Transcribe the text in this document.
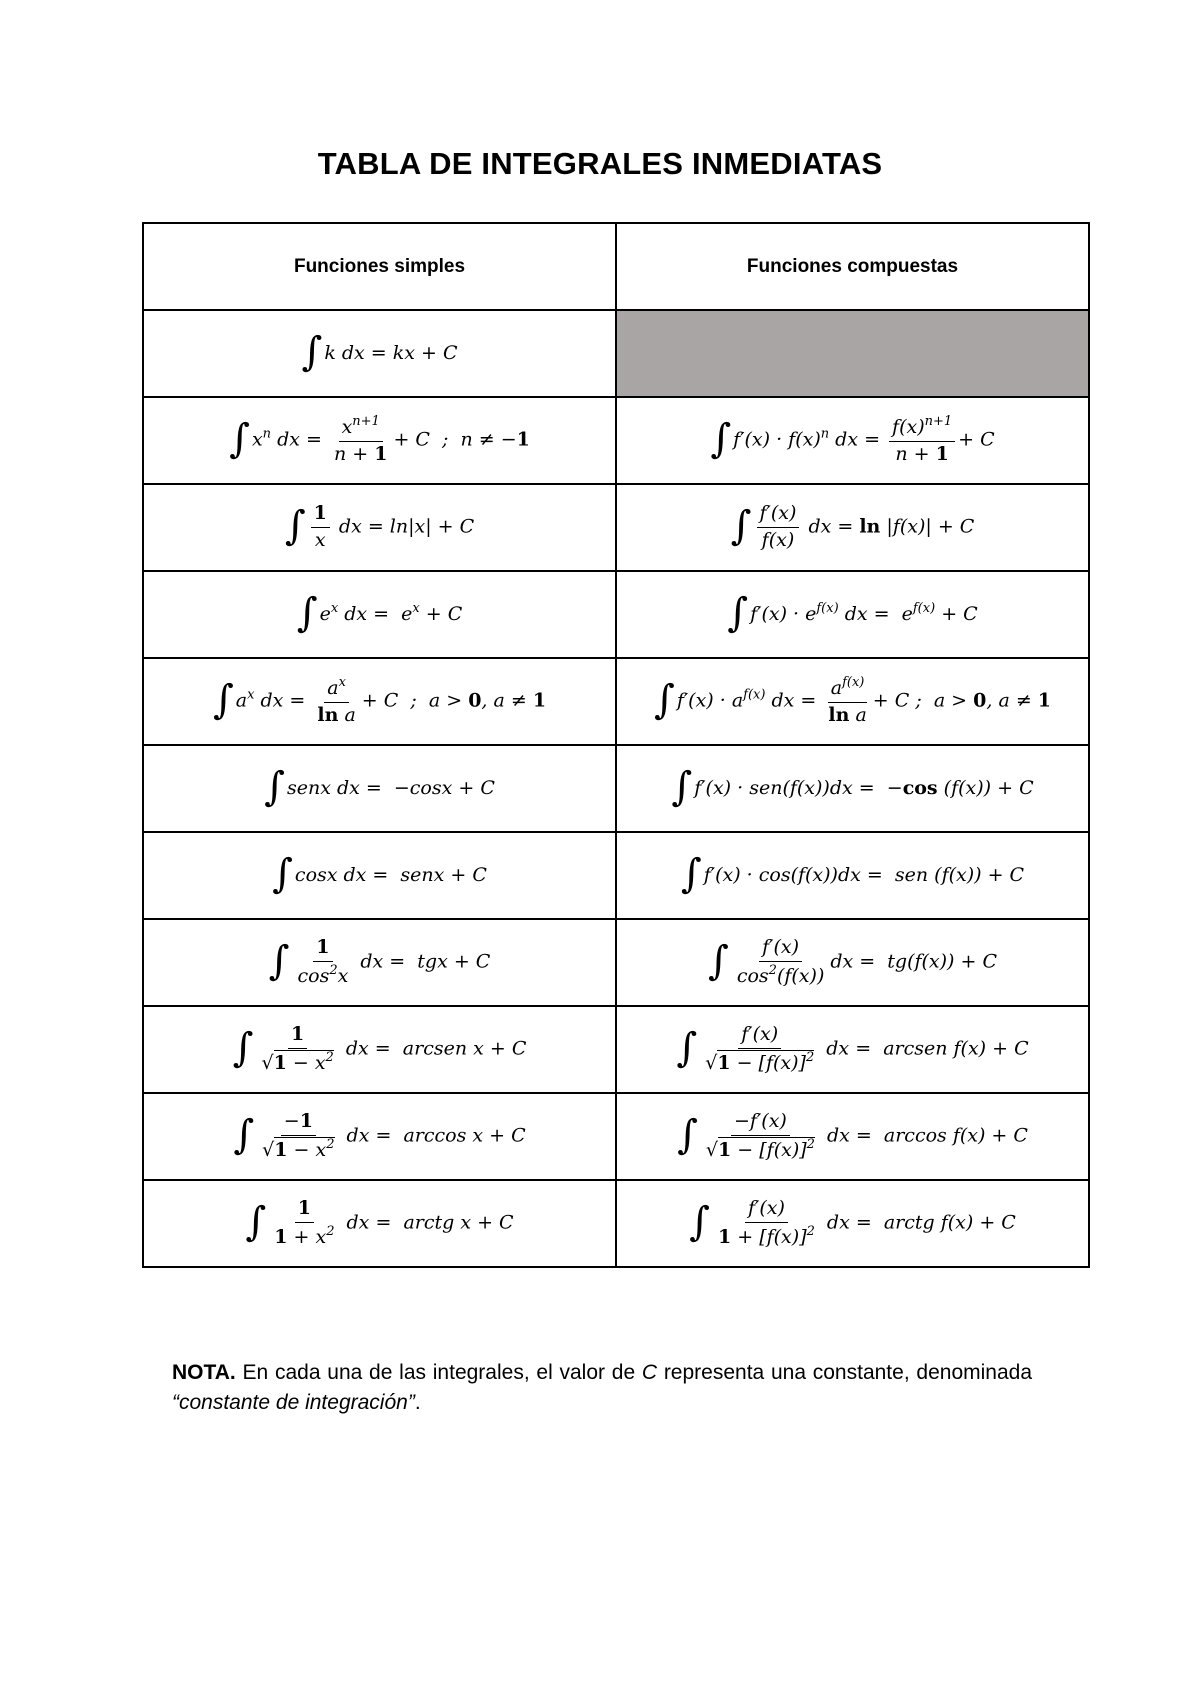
TABLA DE INTEGRALES INMEDIATAS
Funciones simples	Funciones compuestas
∫ k dx = kx + C	
∫ $x^n$ dx = $\frac{x^{n+1}}{n + 1} + C$  ;  n ≠ −1	∫ $f'(x) \cdot f(x)^n$ dx = $\frac{f(x)^{n+1}}{n + 1} + C$
∫ $\frac{1}{x}$ dx = ln|x| + C	∫ $\frac{f'(x)}{f(x)}$ dx = ln |f(x)| + C
∫ $e^x$ dx =  $e^x + C$	∫ $f'(x) \cdot e^{f(x)}$ dx =  $e^{f(x)} + C$
∫ $a^x$ dx = $\frac{a^x}{\text{ln a}} + C$  ;  a > 0, a ≠ 1	∫ $f'(x) \cdot a^{f(x)}$ dx = $\frac{a^{f(x)}}{\text{ln a}} + C$ ;  a > 0, a ≠ 1
∫ senx dx =  −cosx + C	∫ f′(x) · sen(f(x))dx =  −cos (f(x)) + C
∫ cosx dx =  senx + C	∫ f′(x) · cos(f(x))dx =  sen (f(x)) + C
∫ $\frac{1}{\cos^2x}$ dx =  tgx + C	∫ $\frac{f'(x)}{\cos^2(f(x))}$ dx =  tg(f(x)) + C
∫ $\frac{1}{√1 - x^2}$ dx =  arcsen x + C	∫ $\frac{f'(x)}{√1 - [f(x)]^2}$ dx =  arcsen f(x) + C
∫ $\frac{-1}{√1 - x^2}$ dx =  arccos x + C	∫ $\frac{-f'(x)}{√1 - [f(x)]^2}$ dx =  arccos f(x) + C
∫ $\frac{1}{1 + x^2}$ dx =  arctg x + C	∫ $\frac{f'(x)}{1 + [f(x)]^2}$ dx =  arctg f(x) + C

NOTA. En cada una de las integrales, el valor de C representa una constante, denominada “constante de integración”.
